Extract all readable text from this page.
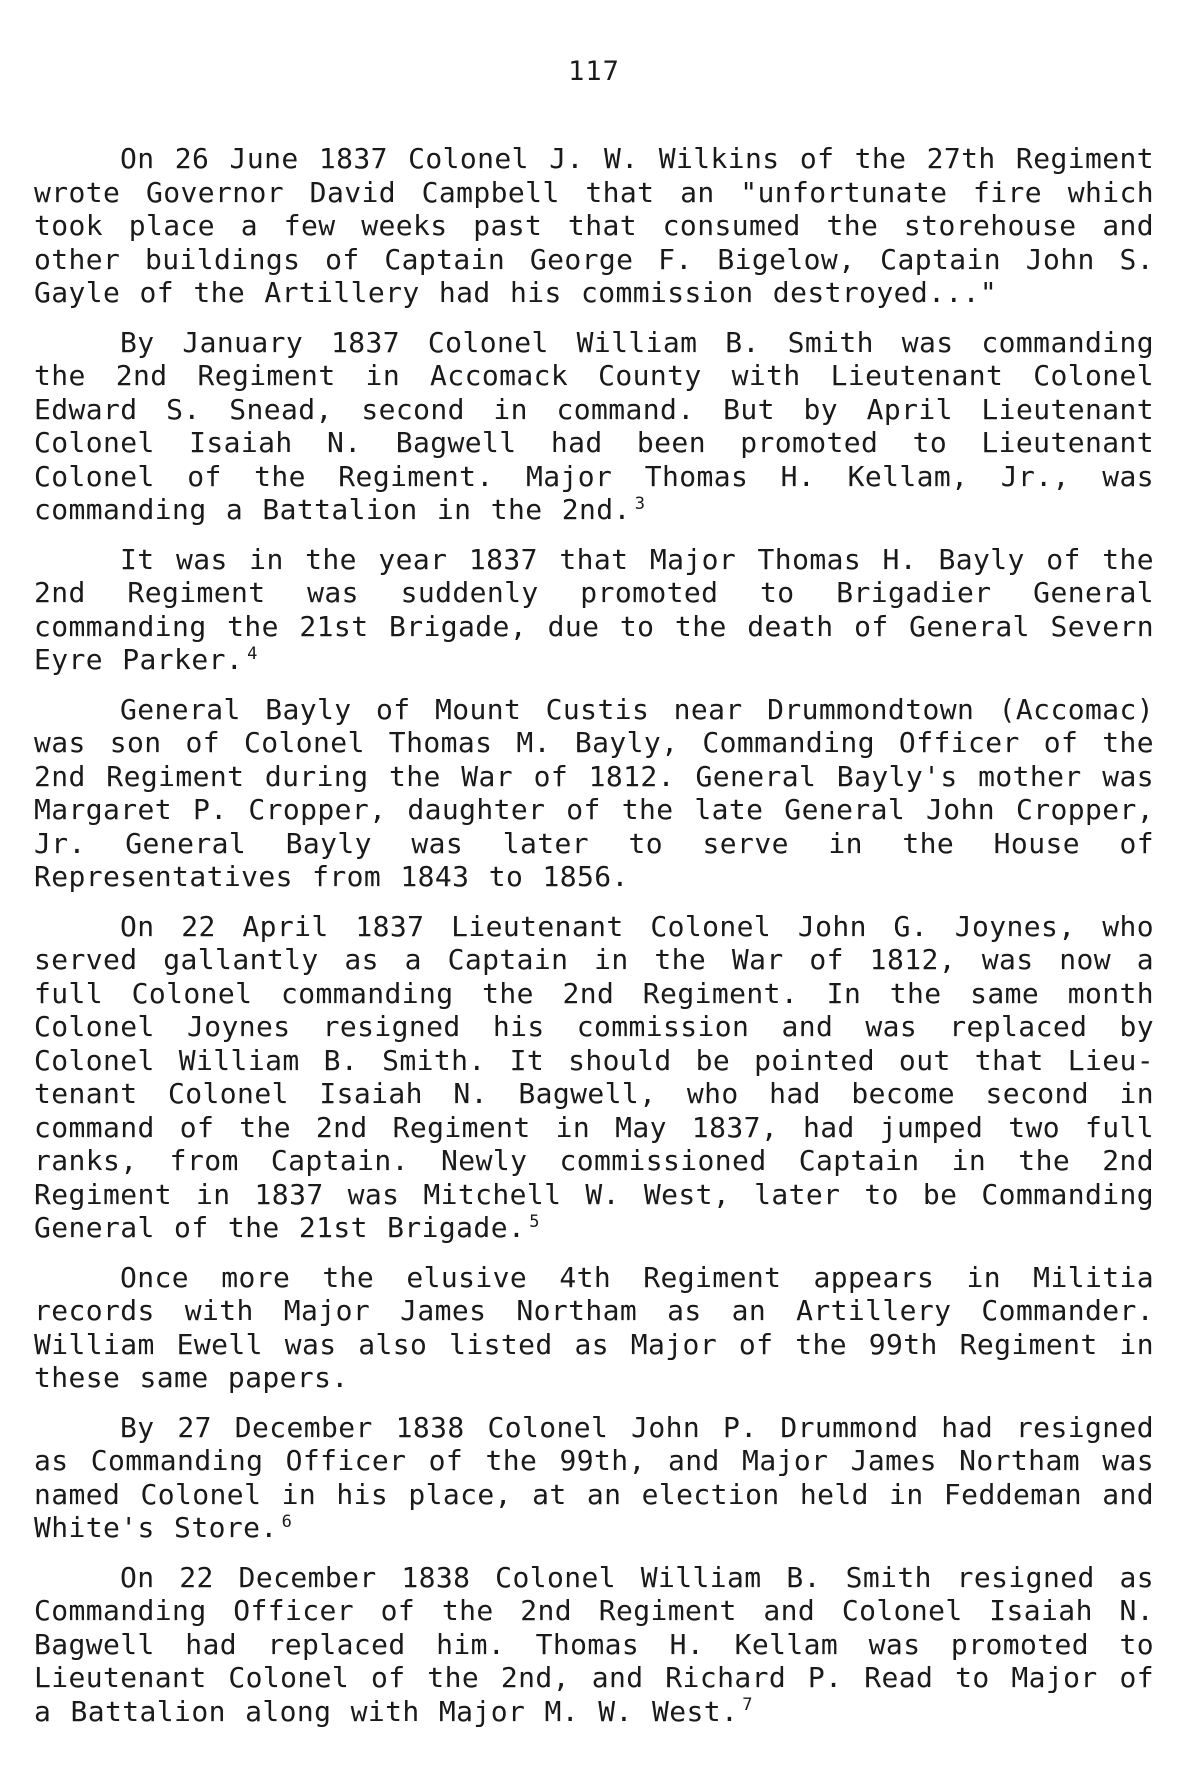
117

On 26 June 1837 Colonel J. W. Wilkins of the 27th Regiment wrote Governor David Campbell that an "unfortunate fire which took place a few weeks past that consumed the storehouse and other buildings of Captain George F. Bigelow, Captain John S. Gayle of the Artillery had his commission destroyed..."

By January 1837 Colonel William B. Smith was commanding the 2nd Regiment in Accomack County with Lieutenant Colonel Edward S. Snead, second in command. But by April Lieutenant Colonel Isaiah N. Bagwell had been promoted to Lieutenant Colonel of the Regiment. Major Thomas H. Kellam, Jr., was commanding a Battalion in the 2nd. $^3$

It was in the year 1837 that Major Thomas H. Bayly of the 2nd Regiment was suddenly promoted to Brigadier General commanding the 21st Brigade, due to the death of General Severn Eyre Parker. $^4$

General Bayly of Mount Custis near Drummondtown (Accomac) was son of Colonel Thomas M. Bayly, Commanding Officer of the 2nd Regiment during the War of 1812. General Bayly's mother was Margaret P. Cropper, daughter of the late General John Cropper, Jr. General Bayly was later to serve in the House of Representatives from 1843 to 1856.

On 22 April 1837 Lieutenant Colonel John G. Joynes, who served gallantly as a Captain in the War of 1812, was now a full Colonel commanding the 2nd Regiment. In the same month Colonel Joynes resigned his commission and was replaced by Colonel William B. Smith. It should be pointed out that Lieu-tenant Colonel Isaiah N. Bagwell, who had become second in command of the 2nd Regiment in May 1837, had jumped two full ranks, from Captain. Newly commissioned Captain in the 2nd Regiment in 1837 was Mitchell W. West, later to be Commanding General of the 21st Brigade. $^5$

Once more the elusive 4th Regiment appears in Militia records with Major James Northam as an Artillery Commander. William Ewell was also listed as Major of the 99th Regiment in these same papers.

By 27 December 1838 Colonel John P. Drummond had resigned as Commanding Officer of the 99th, and Major James Northam was named Colonel in his place, at an election held in Feddeman and White's Store. $^6$

On 22 December 1838 Colonel William B. Smith resigned as Commanding Officer of the 2nd Regiment and Colonel Isaiah N. Bagwell had replaced him. Thomas H. Kellam was promoted to Lieutenant Colonel of the 2nd, and Richard P. Read to Major of a Battalion along with Major M. W. West. $^7$
